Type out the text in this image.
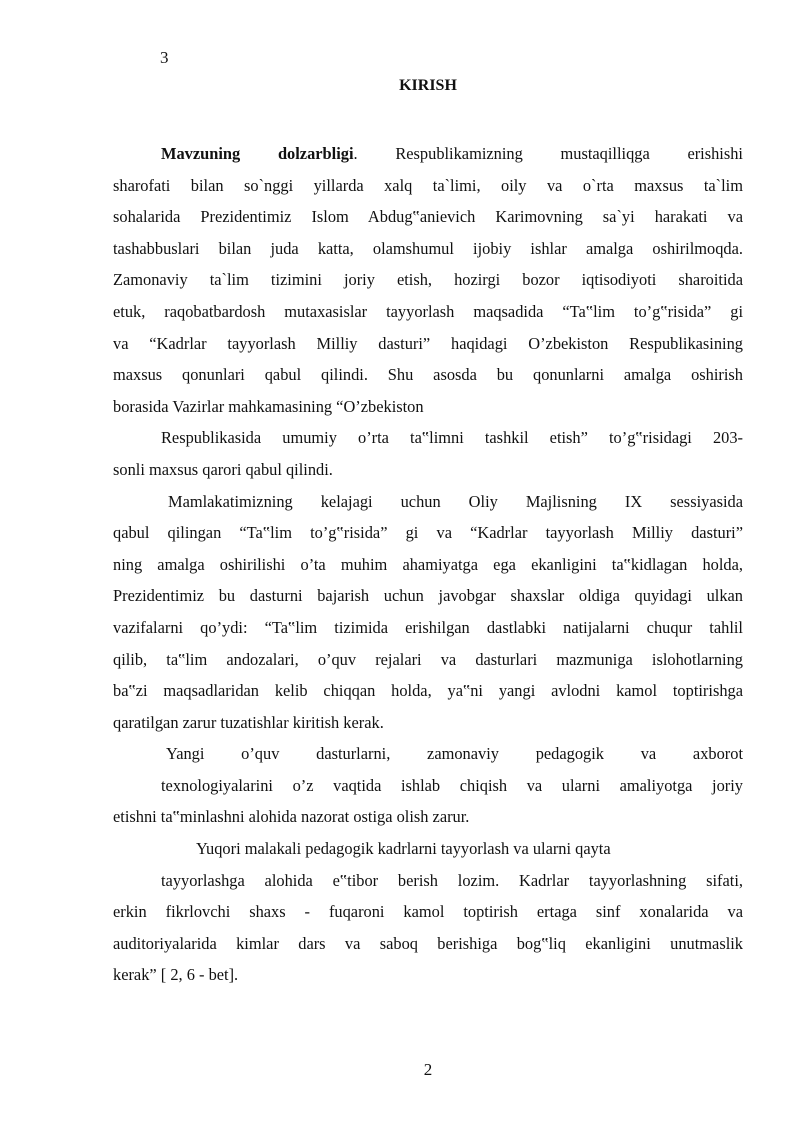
3
KIRISH
Mavzuning dolzarbligi. Respublikamizning mustaqilliqga erishishi
sharofati bilan so`nggi yillarda xalq ta`limi, oily va o`rta maxsus ta`lim
sohalarida Prezidentimiz Islom Abdug‟anievich Karimovning sa`yi harakati va
tashabbuslari bilan juda katta, olamshumul ijobiy ishlar amalga oshirilmoqda.
Zamonaviy ta`lim tizimini joriy etish, hozirgi bozor iqtisodiyoti sharoitida
etuk, raqobatbardosh mutaxasislar tayyorlash maqsadida “Ta‟lim to’g‟risida” gi
va “Kadrlar tayyorlash Milliy dasturi” haqidagi O’zbekiston Respublikasining
maxsus qonunlari qabul qilindi. Shu asosda bu qonunlarni amalga oshirish
borasida Vazirlar mahkamasining “O’zbekiston
Respublikasida umumiy o’rta ta‟limni tashkil etish” to’g‟risidagi 203-
sonli maxsus qarori qabul qilindi.
Mamlakatimizning kelajagi uchun Oliy Majlisning IX sessiyasida
qabul qilingan “Ta‟lim to’g‟risida” gi va “Kadrlar tayyorlash Milliy dasturi”
ning amalga oshirilishi o’ta muhim ahamiyatga ega ekanligini ta‟kidlagan holda,
Prezidentimiz bu dasturni bajarish uchun javobgar shaxslar oldiga quyidagi ulkan
vazifalarni qo’ydi: “Ta‟lim tizimida erishilgan dastlabki natijalarni chuqur tahlil
qilib, ta‟lim andozalari, o’quv rejalari va dasturlari mazmuniga islohotlarning
ba‟zi maqsadlaridan kelib chiqqan holda, ya‟ni yangi avlodni kamol toptirishga
qaratilgan zarur tuzatishlar kiritish kerak.
Yangi o’quv dasturlarni, zamonaviy pedagogik va axborot
texnologiyalarini o’z vaqtida ishlab chiqish va ularni amaliyotga joriy
etishni ta‟minlashni alohida nazorat ostiga olish zarur.
Yuqori malakali pedagogik kadrlarni tayyorlash va ularni qayta
tayyorlashga alohida e‟tibor berish lozim. Kadrlar tayyorlashning sifati,
erkin fikrlovchi shaxs - fuqaroni kamol toptirish ertaga sinf xonalarida va
auditoriyalarida kimlar dars va saboq berishiga bog‟liq ekanligini unutmaslik
kerak” [ 2, 6 - bet].
2
